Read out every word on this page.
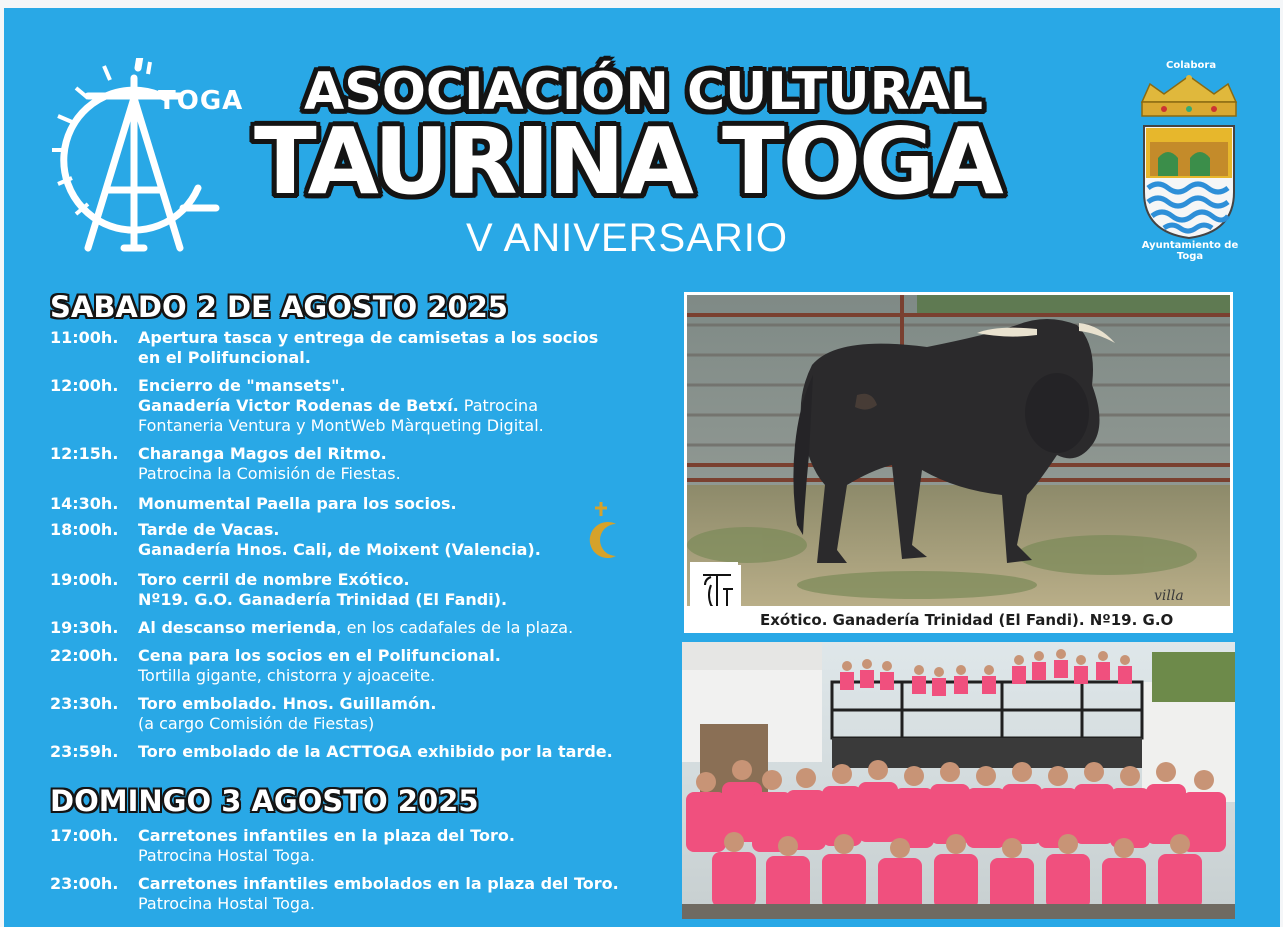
TOGA ASOCIACIÓN CULTURAL
TAURINA TOGA
V ANIVERSARIO
Colabora
Ayuntamiento de Toga
SABADO 2 DE AGOSTO 2025
11:00h. Apertura tasca y entrega de camisetas a los socios
en el Polifuncional.
12:00h. Encierro de "mansets".
Ganadería Victor Rodenas de Betxí. Patrocina
Fontaneria Ventura y MontWeb Màrqueting Digital.
12:15h. Charanga Magos del Ritmo.
Patrocina la Comisión de Fiestas.
14:30h. Monumental Paella para los socios.
18:00h. Tarde de Vacas.
Ganadería Hnos. Cali, de Moixent (Valencia).
19:00h. Toro cerril de nombre Exótico.
Nº19. G.O. Ganadería Trinidad (El Fandi).
19:30h. Al descanso merienda, en los cadafales de la plaza.
22:00h. Cena para los socios en el Polifuncional.
Tortilla gigante, chistorra y ajoaceite.
23:30h. Toro embolado. Hnos. Guillamón.
(a cargo Comisión de Fiestas)
23:59h. Toro embolado de la ACTTOGA exhibido por la tarde.
DOMINGO 3 AGOSTO 2025
17:00h. Carretones infantiles en la plaza del Toro.
Patrocina Hostal Toga.
23:00h. Carretones infantiles embolados en la plaza del Toro.
Patrocina Hostal Toga.
villa
Exótico. Ganadería Trinidad (El Fandi). Nº19. G.O
